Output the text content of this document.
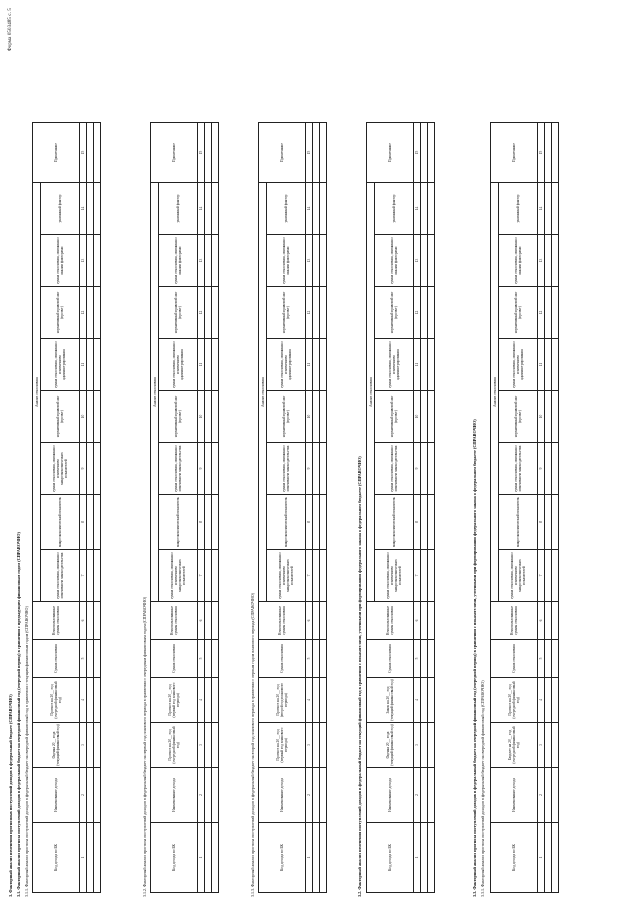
Форма 0503485 с. 5
3. Факторный анализ изменения прогнозных поступлений доходов в федеральный бюджет (СПРАВОЧНО) 3.1. Факторный анализ прогноза поступлений доходов в федеральный бюджет на очередной финансовый год (очередной период) в сравнении с предыдущим финансовым годом (СПРАВОЧНО) 3.1.1. Факторный анализ прогноза поступлений доходов в федеральный бюджет на очередной финансовый год в сравнении с текущим финансовым годом (СПРАВОЧНО)	Код дохода по БК	Наименование дохода	Оценка 20__ года (текущий финансовый год)	Прогноз на 20__ год (очередной финансовый год)	Сумма отклонения	Неиспользованные суммы отклонения	Анализ отклонения								Примечание
						сумма отклонения, связанная с изменением законодательства	макроэкономический показатель	сумма отклонения, связанная с изменением макроэкономических показателей	нормативный правовой акт (проект)	сумма отклонения, связанная с изменением администрирования	нормативный правовой акт (проект)	сумма отклонения, связанная с иными факторами	указанный фактор	
1	2	3	4	5	6	7	8	9	10	11	12	13	14	15

3.1.2. Факторный анализ прогноза поступлений доходов в федеральный бюджет на первый год планового периода в сравнении с очередным финансовым годом (СПРАВОЧНО)	Код дохода по БК	Наименование дохода	Прогноз на 20__ год (очередной финансовый год)	Прогноз на 20__ год (первый год планового периода)	Сумма отклонения	Неиспользованные суммы отклонения	Анализ отклонения								Примечание
						сумма отклонения, связанная с изменением макроэкономических показателей	макроэкономический показатель	сумма отклонения, связанная с изменением законодательства	нормативный правовой акт (проект)	сумма отклонения, связанная с изменением администрирования	нормативный правовой акт (проект)	сумма отклонения, связанная с иными факторами	указанный фактор	
1	2	3	4	5	6	7	8	9	10	11	12	13	14	15

3.1.3. Факторный анализ прогноза поступлений доходов в федеральный бюджет на второй год планового периода в сравнении с первым годом планового периода (СПРАВОЧНО)	Код дохода по БК	Наименование дохода	Прогноз на 20__ год (первый год планового периода)	Прогноз на 20__ год (второй год планового периода)	Сумма отклонения	Неиспользованные суммы отклонения	Анализ отклонения								Примечание
						сумма отклонения, связанная с изменением макроэкономических показателей	макроэкономический показатель	сумма отклонения, связанная с изменением законодательства	нормативный правовой акт (проект)	сумма отклонения, связанная с изменением администрирования	нормативный правовой акт (проект)	сумма отклонения, связанная с иными факторами	указанный фактор	
1	2	3	4	5	6	7	8	9	10	11	12	13	14	15

3.2. Факторный анализ изменения поступлений доходов в федеральный бюджет на текущий финансовый год в сравнении с показателями, учтенными при формировании федерального закона о федеральном бюджете (СПРАВОЧНО)	Код дохода по БК	Наименование дохода	Оценка 20__ года (текущий финансовый год)	Закон на 20__ год (текущий финансовый год)	Сумма отклонения	Неиспользованные суммы отклонения	Анализ отклонения								Примечание
						сумма отклонения, связанная с изменением макроэкономических показателей	макроэкономический показатель	сумма отклонения, связанная с изменением законодательства	нормативный правовой акт (проект)	сумма отклонения, связанная с изменением администрирования	нормативный правовой акт (проект)	сумма отклонения, связанная с иными факторами	указанный фактор	
1	2	3	4	5	6	7	8	9	10	11	12	13	14	15

3.3. Факторный анализ прогноза поступлений доходов в федеральный бюджет на очередной финансовый год (очередной период) в сравнении с показателями, учтенными при формировании федерального закона о федеральном бюджете (СПРАВОЧНО) 3.3.1. Факторный анализ прогноза поступлений доходов в федеральный бюджет на очередной финансовый год (СПРАВОЧНО)	Код дохода по БК	Наименование дохода	Бюджет на 20__ год (очередной финансовый год)	Прогноз на 20__ год (очередной финансовый год)	Сумма отклонения	Неиспользованные суммы отклонения	Анализ отклонения								Примечание
						сумма отклонения, связанная с изменением макроэкономических показателей	макроэкономический показатель	сумма отклонения, связанная с изменением законодательства	нормативный правовой акт (проект)	сумма отклонения, связанная с изменением администрирования	нормативный правовой акт (проект)	сумма отклонения, связанная с иными факторами	указанный фактор	
1	2	3	4	5	6	7	8	9	10	11	12	13	14	15
